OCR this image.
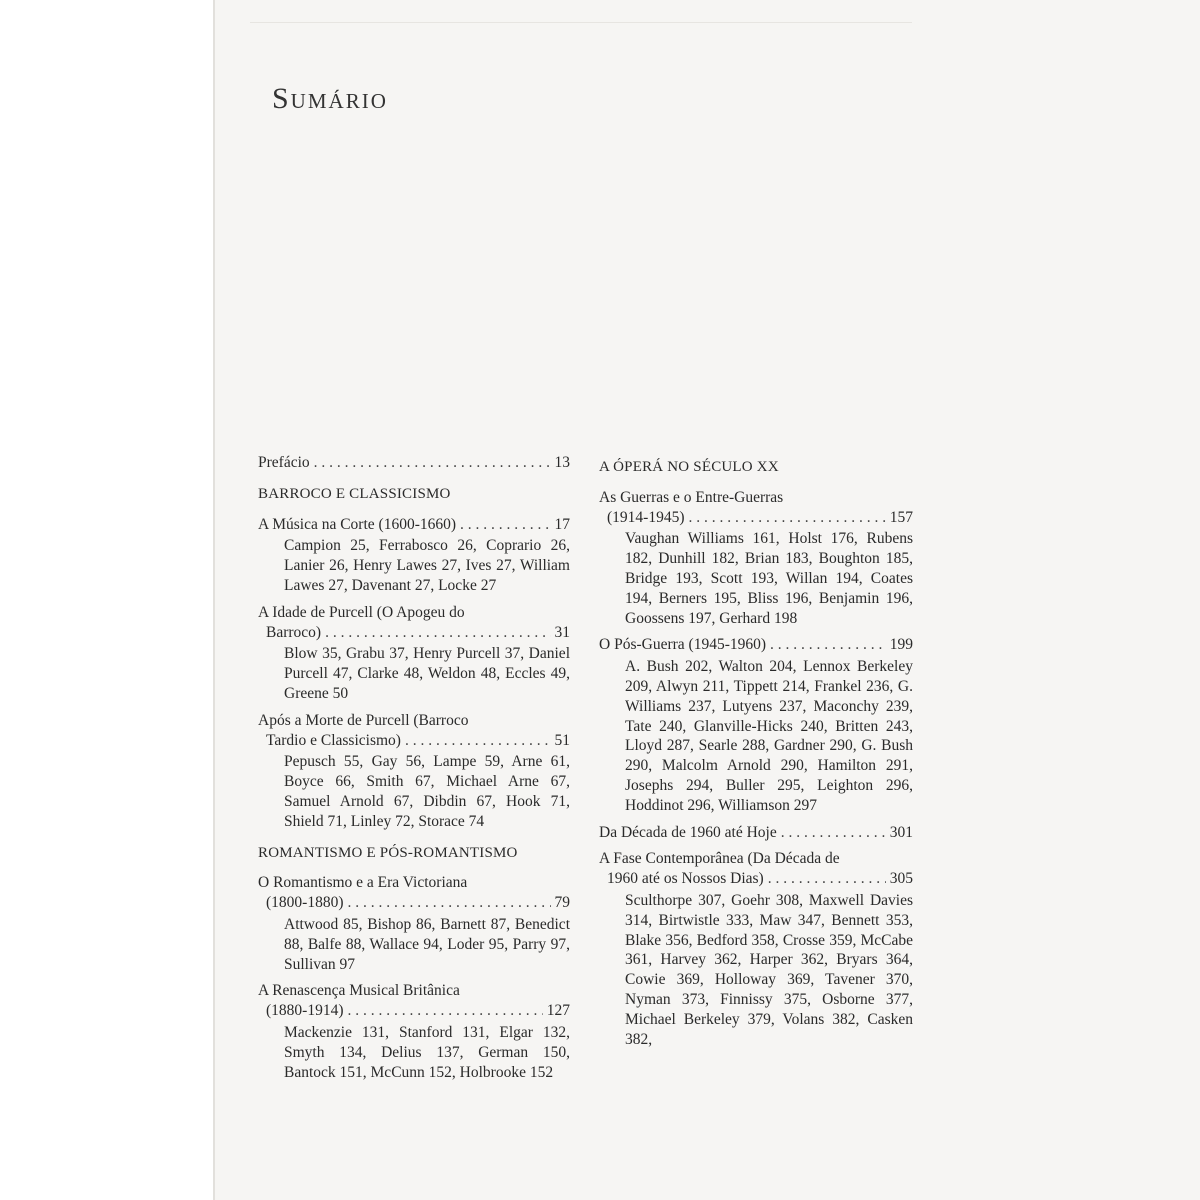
Sumário
Prefácio . . .	13
BARROCO E CLASSICISMO
A Música na Corte (1600-1660) . . .	17
Campion 25, Ferrabosco 26, Coprario 26, Lanier 26, Henry Lawes 27, Ives 27, William Lawes 27, Davenant 27, Locke 27
A Idade de Purcell (O Apogeu do
Barroco) . . .	31
Blow 35, Grabu 37, Henry Purcell 37, Daniel Purcell 47, Clarke 48, Weldon 48, Eccles 49, Greene 50
Após a Morte de Purcell (Barroco
Tardio e Classicismo) . . .	51
Pepusch 55, Gay 56, Lampe 59, Arne 61, Boyce 66, Smith 67, Michael Arne 67, Samuel Arnold 67, Dibdin 67, Hook 71, Shield 71, Linley 72, Storace 74
ROMANTISMO E PÓS-ROMANTISMO
O Romantismo e a Era Victoriana
(1800-1880) . . .	79
Attwood 85, Bishop 86, Barnett 87, Benedict 88, Balfe 88, Wallace 94, Loder 95, Parry 97, Sullivan 97
A Renascença Musical Britânica
(1880-1914) . . .	127
Mackenzie 131, Stanford 131, Elgar 132, Smyth 134, Delius 137, German 150, Bantock 151, McCunn 152, Holbrooke 152
A ÓPERÁ NO SÉCULO XX
As Guerras e o Entre-Guerras
(1914-1945) . . .	157
Vaughan Williams 161, Holst 176, Rubens 182, Dunhill 182, Brian 183, Boughton 185, Bridge 193, Scott 193, Willan 194, Coates 194, Berners 195, Bliss 196, Benjamin 196, Goossens 197, Gerhard 198
O Pós-Guerra (1945-1960) . . .	199
A. Bush 202, Walton 204, Lennox Berkeley 209, Alwyn 211, Tippett 214, Frankel 236, G. Williams 237, Lutyens 237, Maconchy 239, Tate 240, Glanville-Hicks 240, Britten 243, Lloyd 287, Searle 288, Gardner 290, G. Bush 290, Malcolm Arnold 290, Hamilton 291, Josephs 294, Buller 295, Leighton 296, Hoddinot 296, Williamson 297
Da Década de 1960 até Hoje . . .	301
A Fase Contemporânea (Da Década de
1960 até os Nossos Dias) . . .	305
Sculthorpe 307, Goehr 308, Maxwell Davies 314, Birtwistle 333, Maw 347, Bennett 353, Blake 356, Bedford 358, Crosse 359, McCabe 361, Harvey 362, Harper 362, Bryars 364, Cowie 369, Holloway 369, Tavener 370, Nyman 373, Finnissy 375, Osborne 377, Michael Berkeley 379, Volans 382, Casken 382,
